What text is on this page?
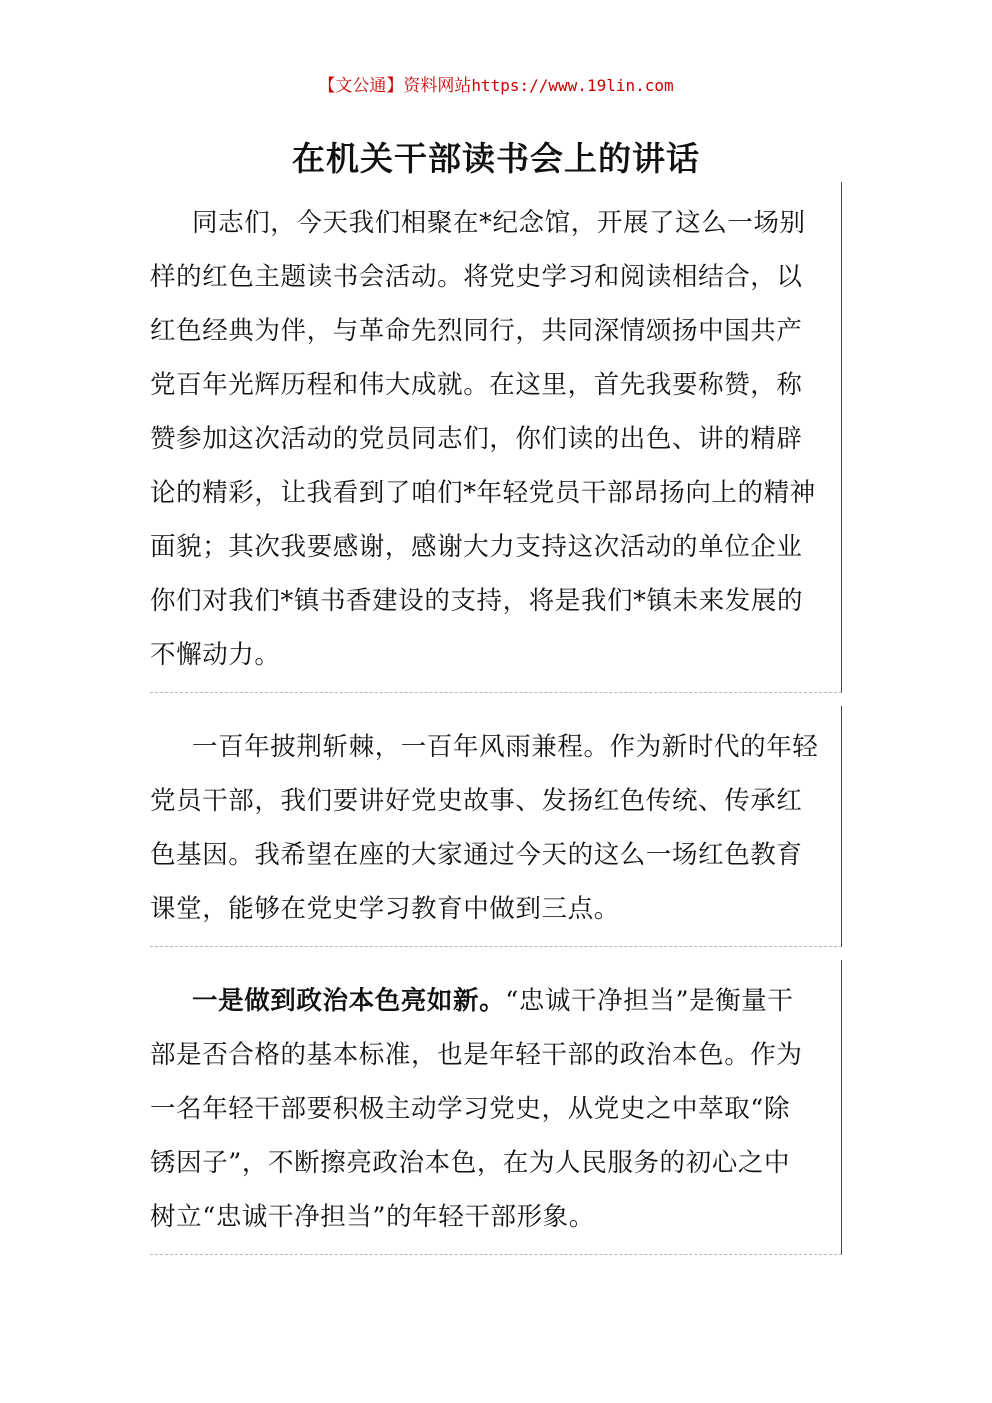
【文公通】资料网站https://www.19lin.com
在机关干部读书会上的讲话
同志们，今天我们相聚在*纪念馆，开展了这么一场别
样的红色主题读书会活动。将党史学习和阅读相结合，以
红色经典为伴，与革命先烈同行，共同深情颂扬中国共产
党百年光辉历程和伟大成就。在这里，首先我要称赞，称
赞参加这次活动的党员同志们，你们读的出色、讲的精辟
论的精彩，让我看到了咱们*年轻党员干部昂扬向上的精神
面貌；其次我要感谢，感谢大力支持这次活动的单位企业
你们对我们*镇书香建设的支持，将是我们*镇未来发展的
不懈动力。
一百年披荆斩棘，一百年风雨兼程。作为新时代的年轻
党员干部，我们要讲好党史故事、发扬红色传统、传承红
色基因。我希望在座的大家通过今天的这么一场红色教育
课堂，能够在党史学习教育中做到三点。
一是做到政治本色亮如新。“忠诚干净担当”是衡量干
部是否合格的基本标准，也是年轻干部的政治本色。作为
一名年轻干部要积极主动学习党史，从党史之中萃取“除
锈因子”，不断擦亮政治本色，在为人民服务的初心之中
树立“忠诚干净担当”的年轻干部形象。
